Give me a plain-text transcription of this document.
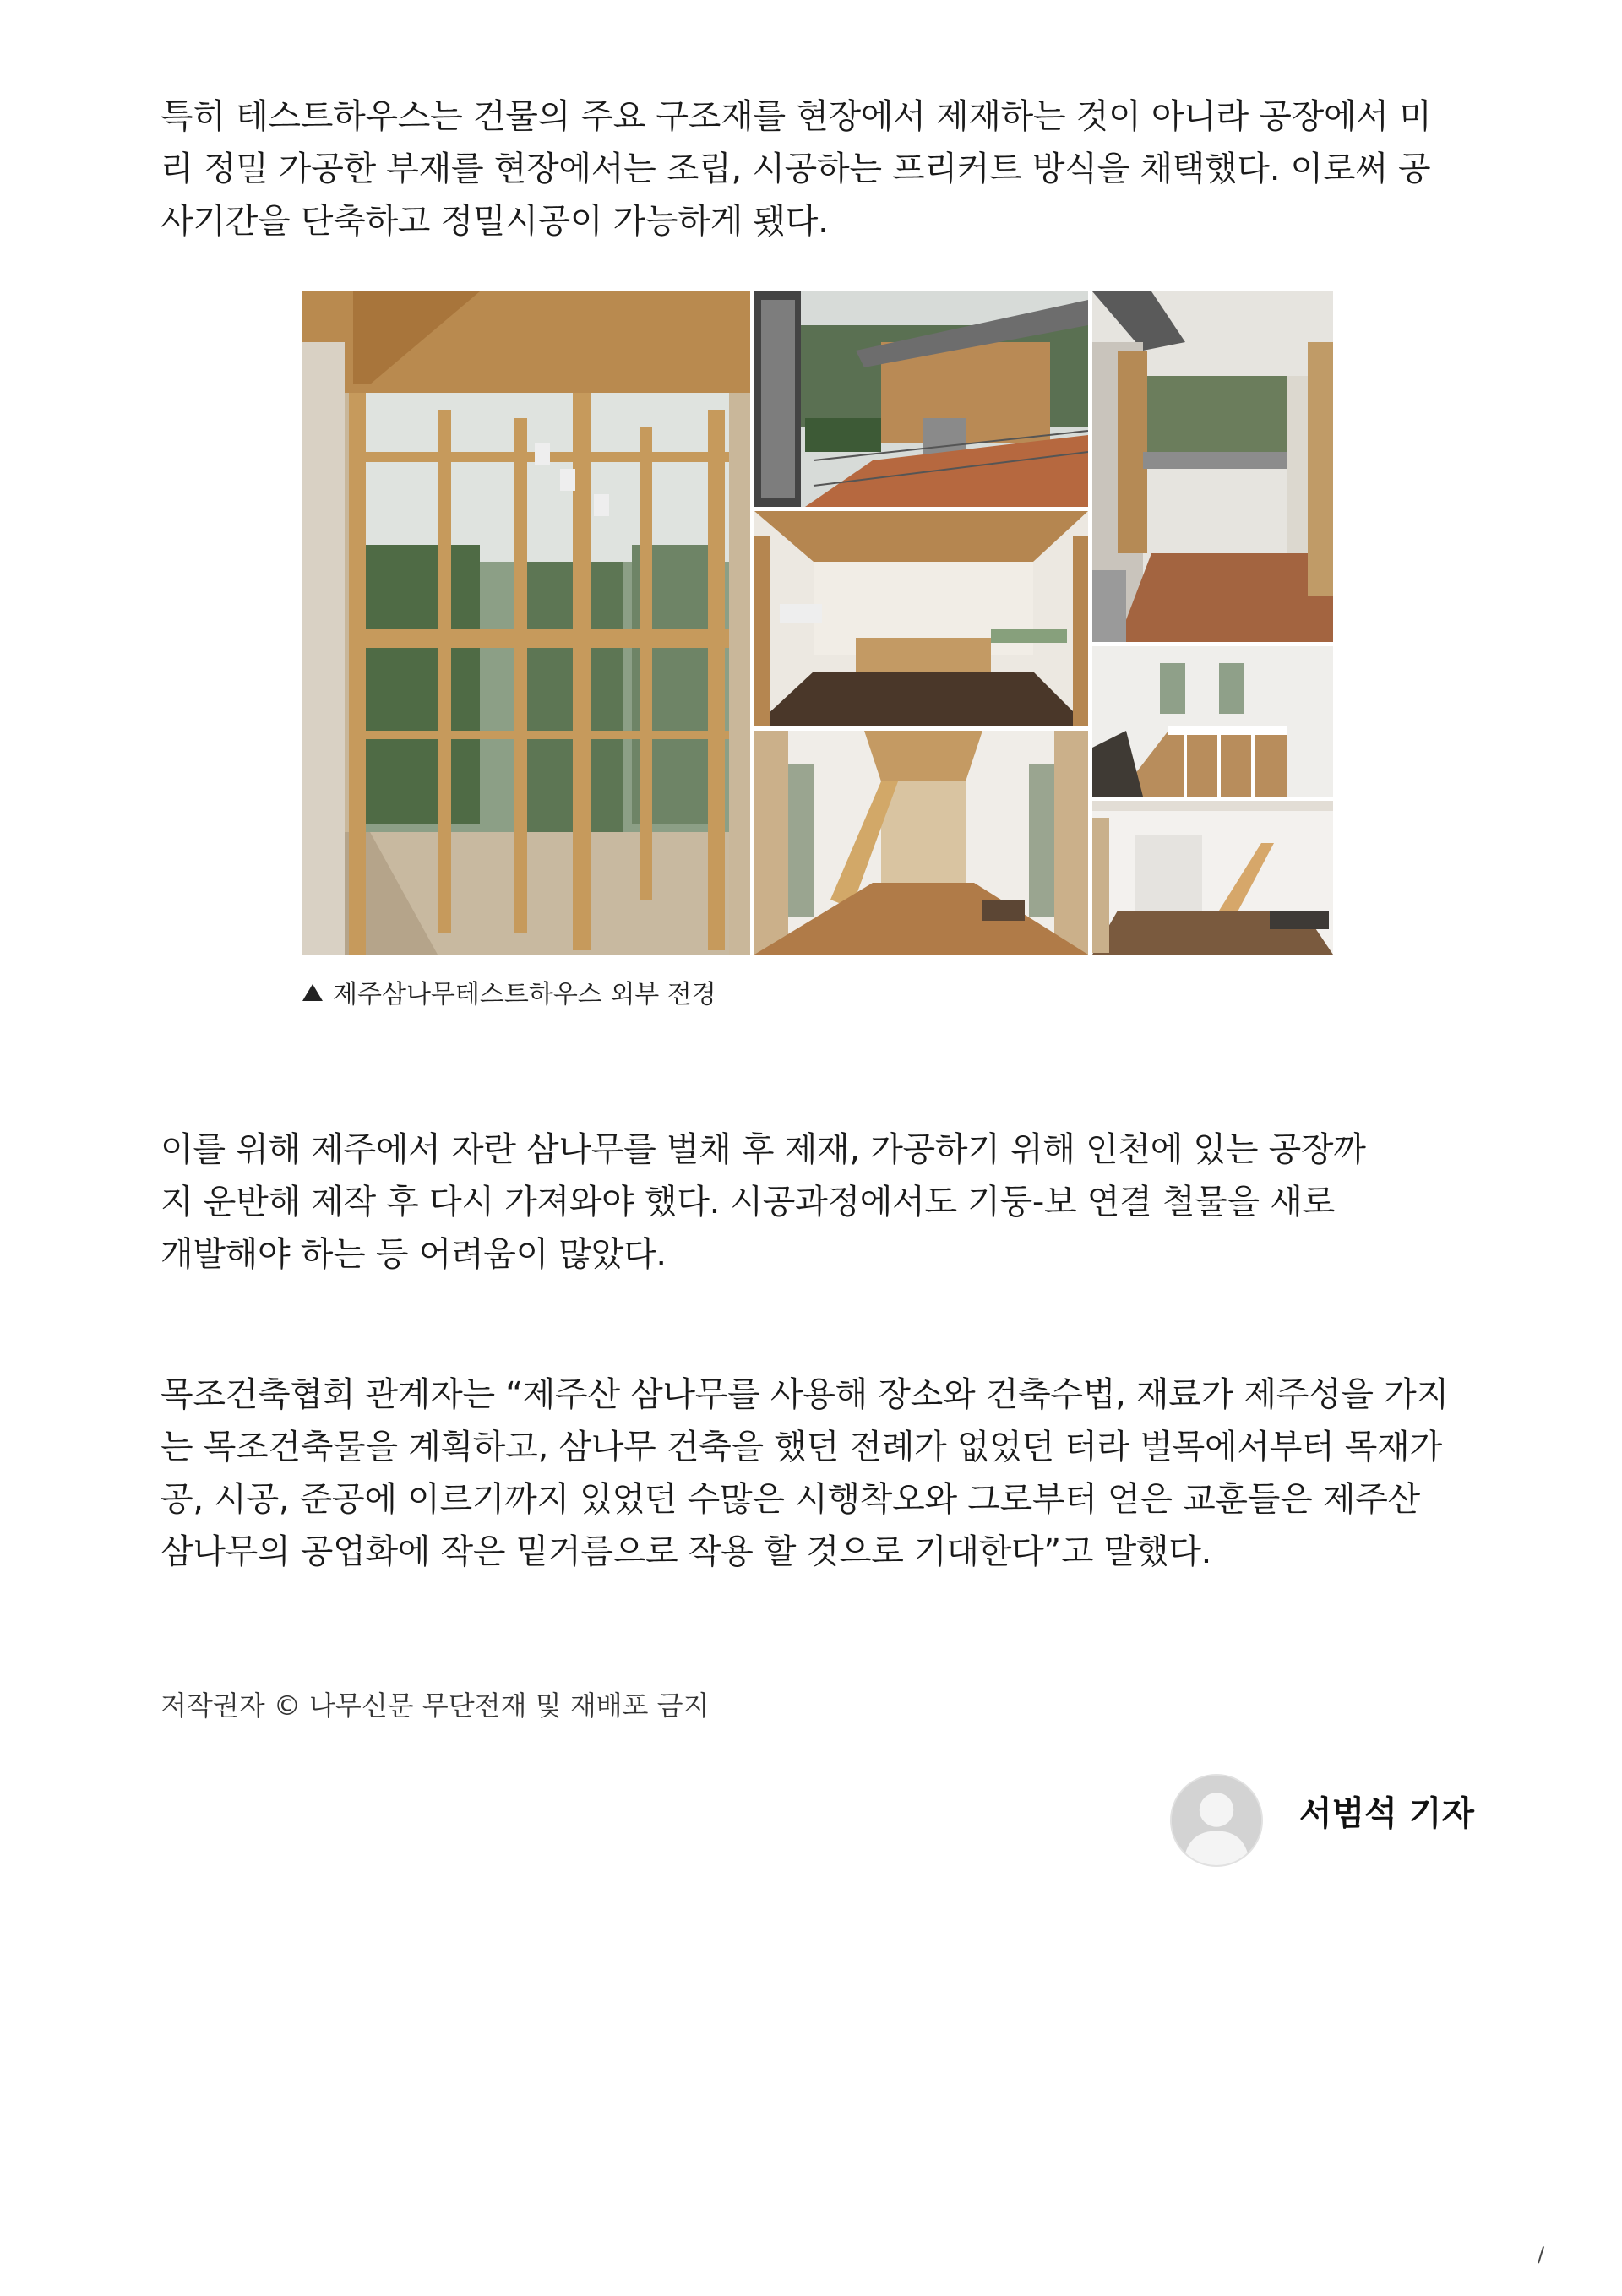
특히 테스트하우스는 건물의 주요 구조재를 현장에서 제재하는 것이 아니라 공장에서 미
리 정밀 가공한 부재를 현장에서는 조립, 시공하는 프리커트 방식을 채택했다. 이로써 공
사기간을 단축하고 정밀시공이 가능하게 됐다.

제주삼나무테스트하우스 외부 전경

이를 위해 제주에서 자란 삼나무를 벌채 후 제재, 가공하기 위해 인천에 있는 공장까
지 운반해 제작 후 다시 가져와야 했다. 시공과정에서도 기둥-보 연결 철물을 새로
개발해야 하는 등 어려움이 많았다.

목조건축협회 관계자는 “제주산 삼나무를 사용해 장소와 건축수법, 재료가 제주성을 가지
는 목조건축물을 계획하고, 삼나무 건축을 했던 전례가 없었던 터라 벌목에서부터 목재가
공, 시공, 준공에 이르기까지 있었던 수많은 시행착오와 그로부터 얻은 교훈들은 제주산
삼나무의 공업화에 작은 밑거름으로 작용 할 것으로 기대한다”고 말했다.

저작권자 © 나무신문 무단전재 및 재배포 금지
서범석 기자
/
